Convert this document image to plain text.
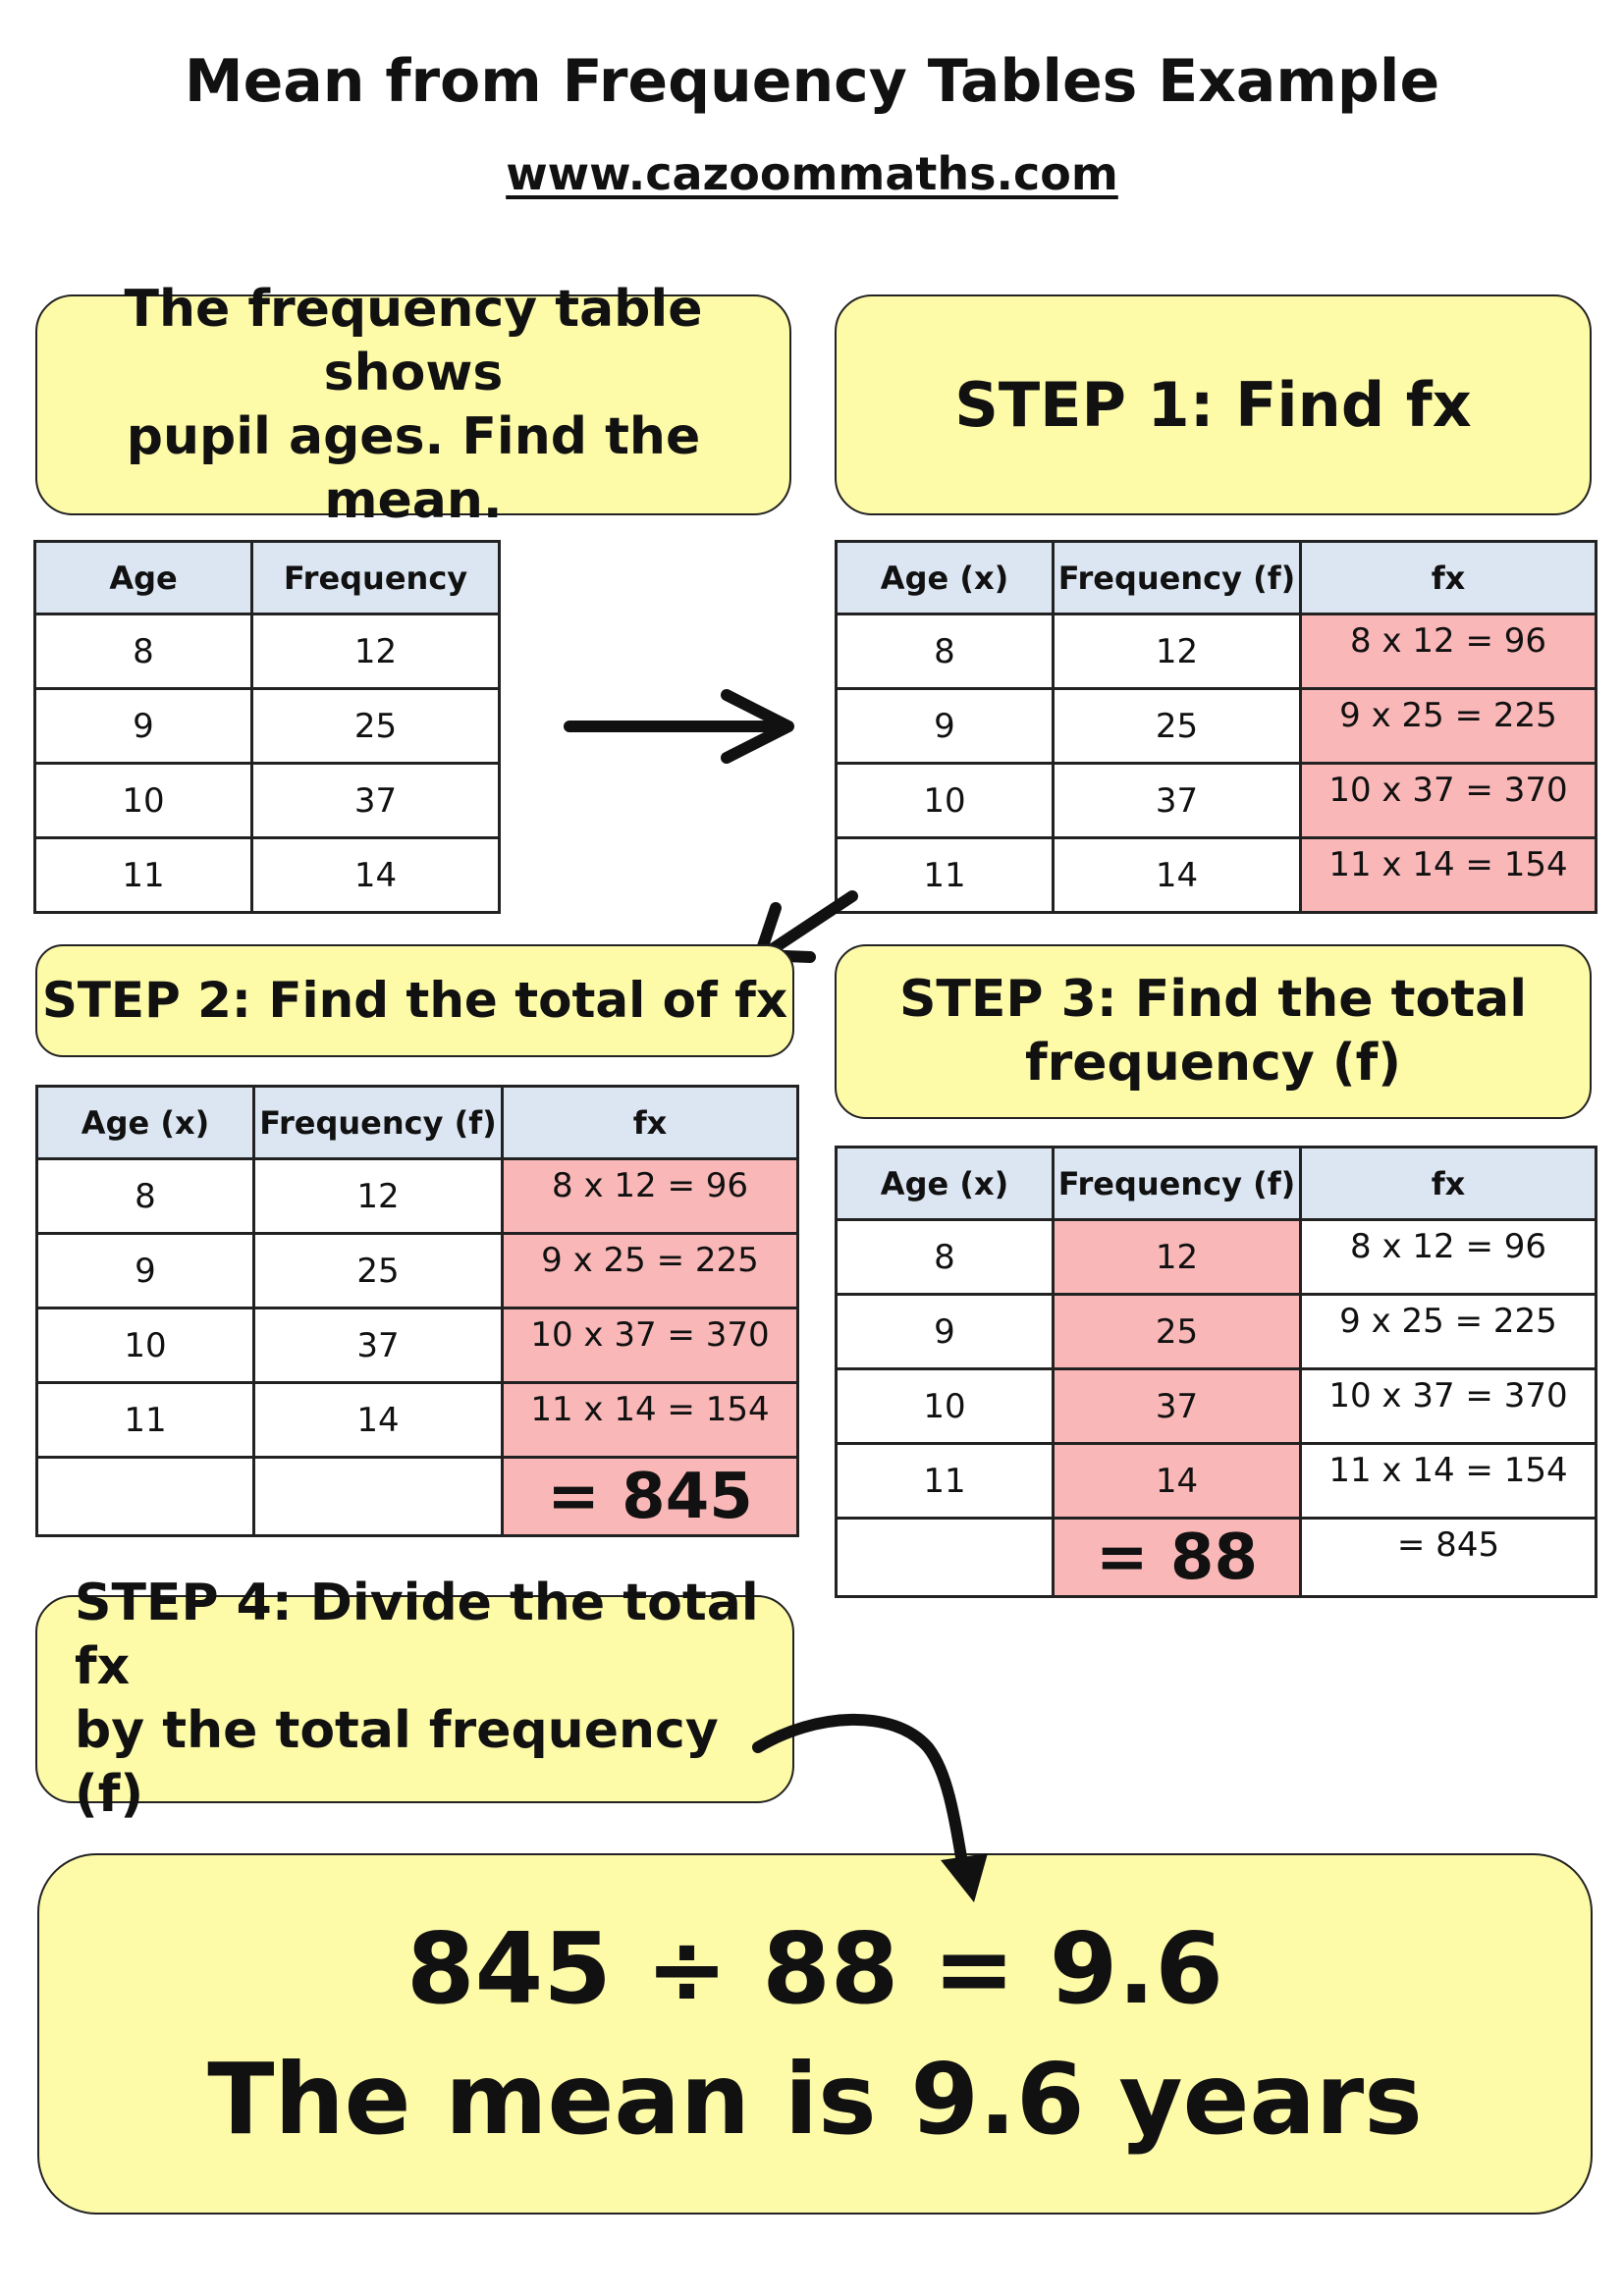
Mean from Frequency Tables Example
www.cazoommaths.com
The frequency table shows
pupil ages. Find the mean.
STEP 1: Find fx
Age	Frequency
8	12
9	25
10	37
11	14
Age (x)	Frequency (f)	fx
8	12	8 x 12 = 96
9	25	9 x 25 = 225
10	37	10 x 37 = 370
11	14	11 x 14 = 154
STEP 2: Find the total of fx STEP 3: Find the total
frequency (f)
Age (x)	Frequency (f)	fx
8	12	8 x 12 = 96
9	25	9 x 25 = 225
10	37	10 x 37 = 370
11	14	11 x 14 = 154
		= 845
Age (x)	Frequency (f)	fx
8	12	8 x 12 = 96
9	25	9 x 25 = 225
10	37	10 x 37 = 370
11	14	11 x 14 = 154
	= 88	= 845
STEP 4: Divide the total fx
by the total frequency (f)
845 ÷ 88 = 9.6
The mean is 9.6 years
